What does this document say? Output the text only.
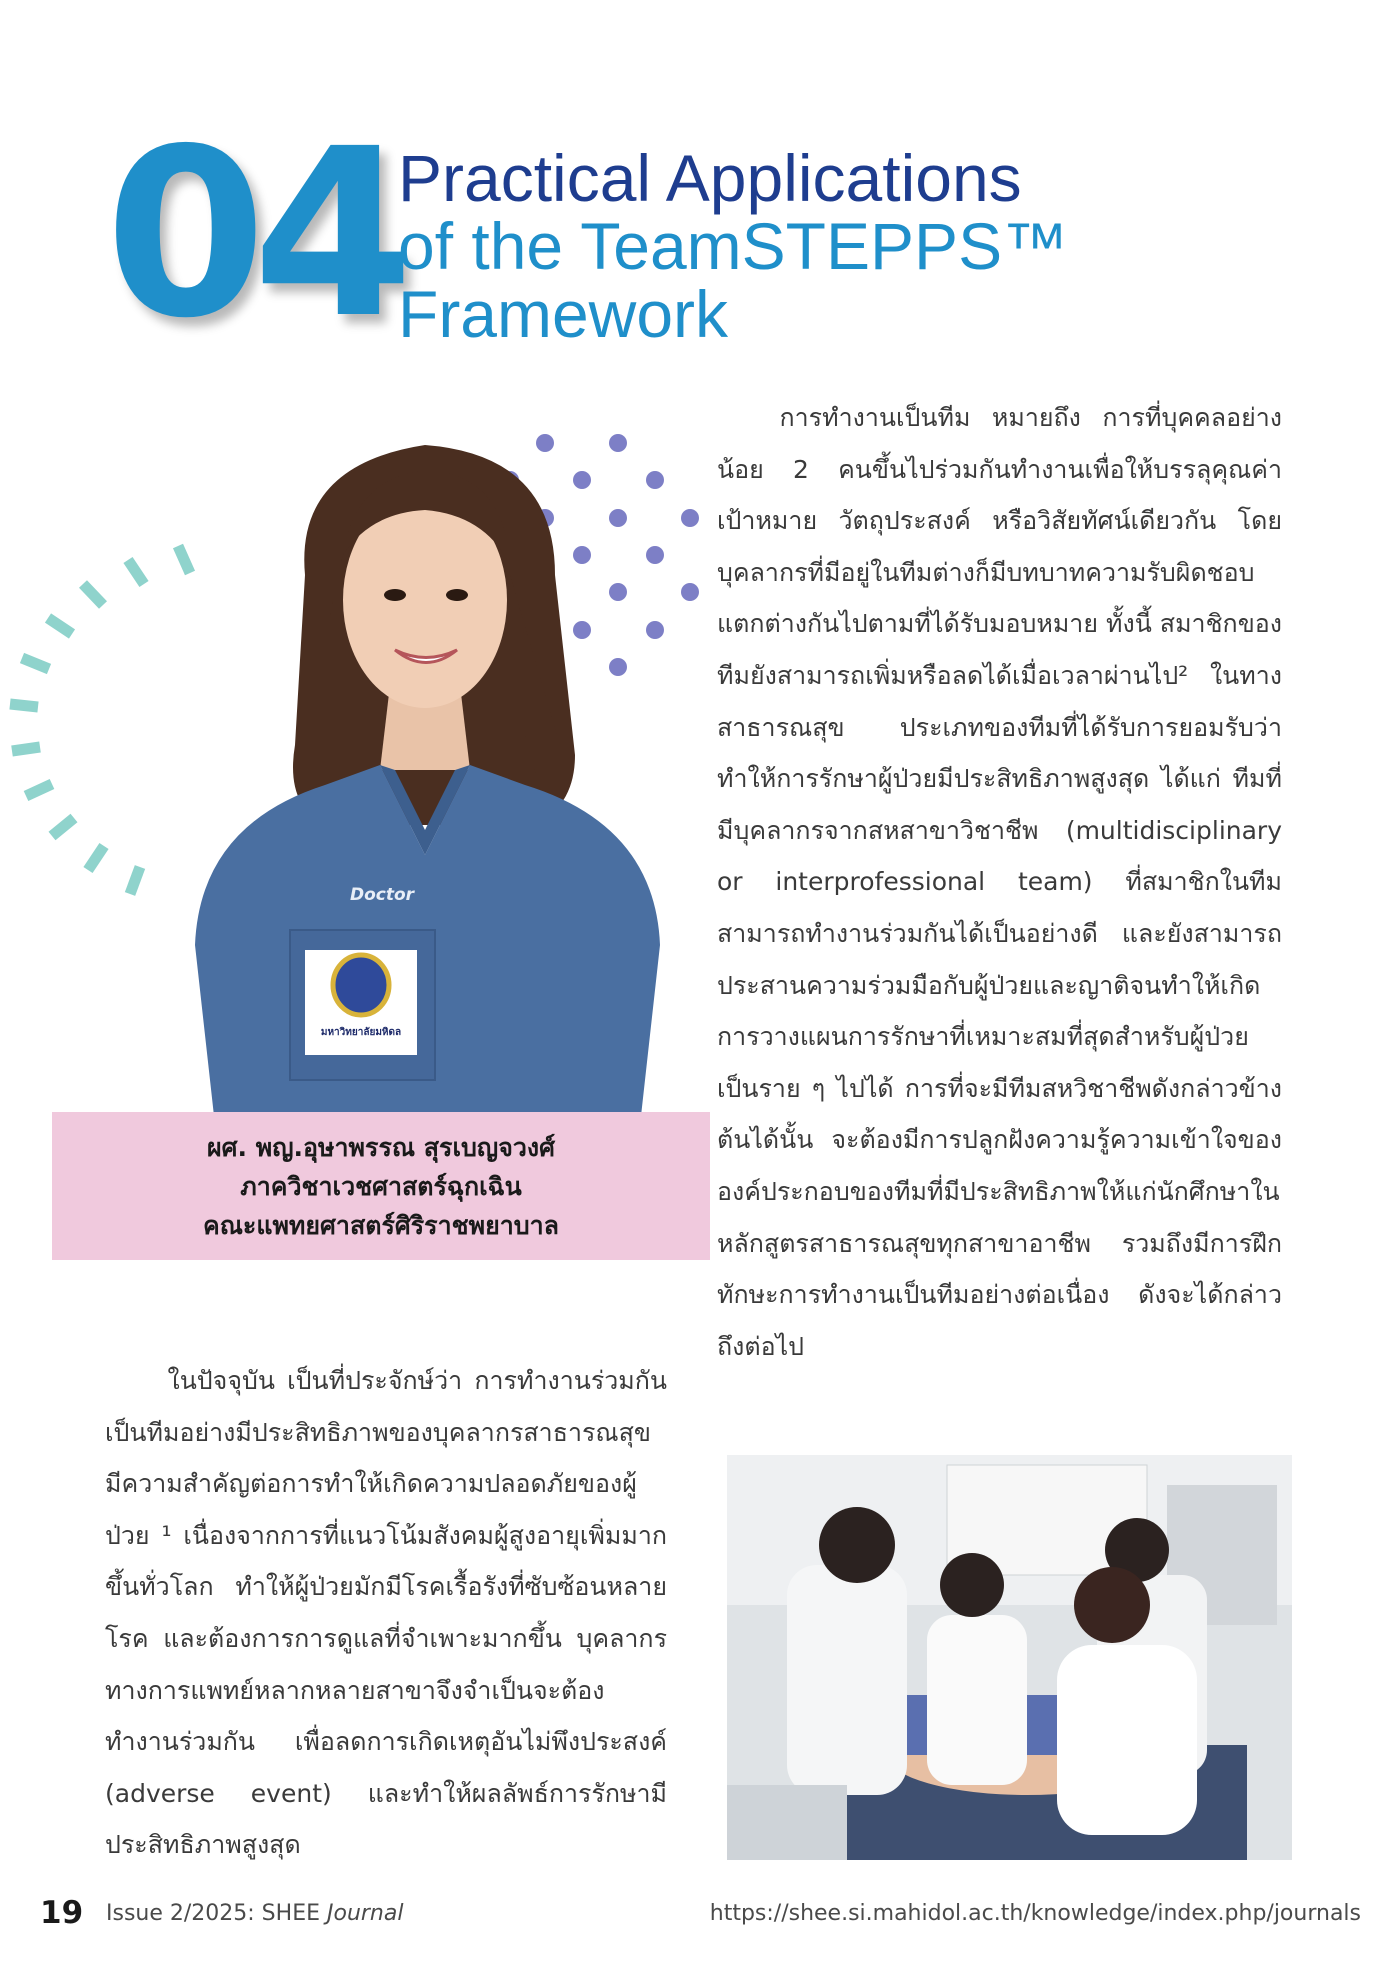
04
Practical Applications
of the TeamSTEPPS™
Framework
มหาวิทยาลัยมหิดล
Doctor
ผศ. พญ.อุษาพรรณ สุรเบญจวงศ์
ภาควิชาเวชศาสตร์ฉุกเฉิน
คณะแพทยศาสตร์ศิริราชพยาบาล

การทำงานเป็นทีม หมายถึง การที่บุคคลอย่างน้อย 2 คนขึ้นไปร่วมกันทำงานเพื่อให้บรรลุคุณค่า เป้าหมาย วัตถุประสงค์ หรือวิสัยทัศน์เดียวกัน โดยบุคลากรที่มีอยู่ในทีมต่างก็มีบทบาทความรับผิดชอบแตกต่างกันไปตามที่ได้รับมอบหมาย ทั้งนี้ สมาชิกของทีมยังสามารถเพิ่มหรือลดได้เมื่อเวลาผ่านไป² ในทางสาธารณสุข ประเภทของทีมที่ได้รับการยอมรับว่าทำให้การรักษาผู้ป่วยมีประสิทธิภาพสูงสุด ได้แก่ ทีมที่มีบุคลากรจากสหสาขาวิชาชีพ (multidisciplinary or interprofessional team) ที่สมาชิกในทีมสามารถทำงานร่วมกันได้เป็นอย่างดี และยังสามารถประสานความร่วมมือกับผู้ป่วยและญาติจนทำให้เกิดการวางแผนการรักษาที่เหมาะสมที่สุดสำหรับผู้ป่วยเป็นราย ๆ ไปได้ การที่จะมีทีมสหวิชาชีพดังกล่าวข้างต้นได้นั้น จะต้องมีการปลูกฝังความรู้ความเข้าใจขององค์ประกอบของทีมที่มีประสิทธิภาพให้แก่นักศึกษาในหลักสูตรสาธารณสุขทุกสาขาอาชีพ รวมถึงมีการฝึกทักษะการทำงานเป็นทีมอย่างต่อเนื่อง ดังจะได้กล่าวถึงต่อไป

ในปัจจุบัน เป็นที่ประจักษ์ว่า การทำงานร่วมกันเป็นทีมอย่างมีประสิทธิภาพของบุคลากรสาธารณสุขมีความสำคัญต่อการทำให้เกิดความปลอดภัยของผู้ป่วย ¹ เนื่องจากการที่แนวโน้มสังคมผู้สูงอายุเพิ่มมากขึ้นทั่วโลก ทำให้ผู้ป่วยมักมีโรคเรื้อรังที่ซับซ้อนหลายโรค และต้องการการดูแลที่จำเพาะมากขึ้น บุคลากรทางการแพทย์หลากหลายสาขาจึงจำเป็นจะต้องทำงานร่วมกัน เพื่อลดการเกิดเหตุอันไม่พึงประสงค์ (adverse event) และทำให้ผลลัพธ์การรักษามีประสิทธิภาพสูงสุด

19 Issue 2/2025: SHEE Journal	https://shee.si.mahidol.ac.th/knowledge/index.php/journals
